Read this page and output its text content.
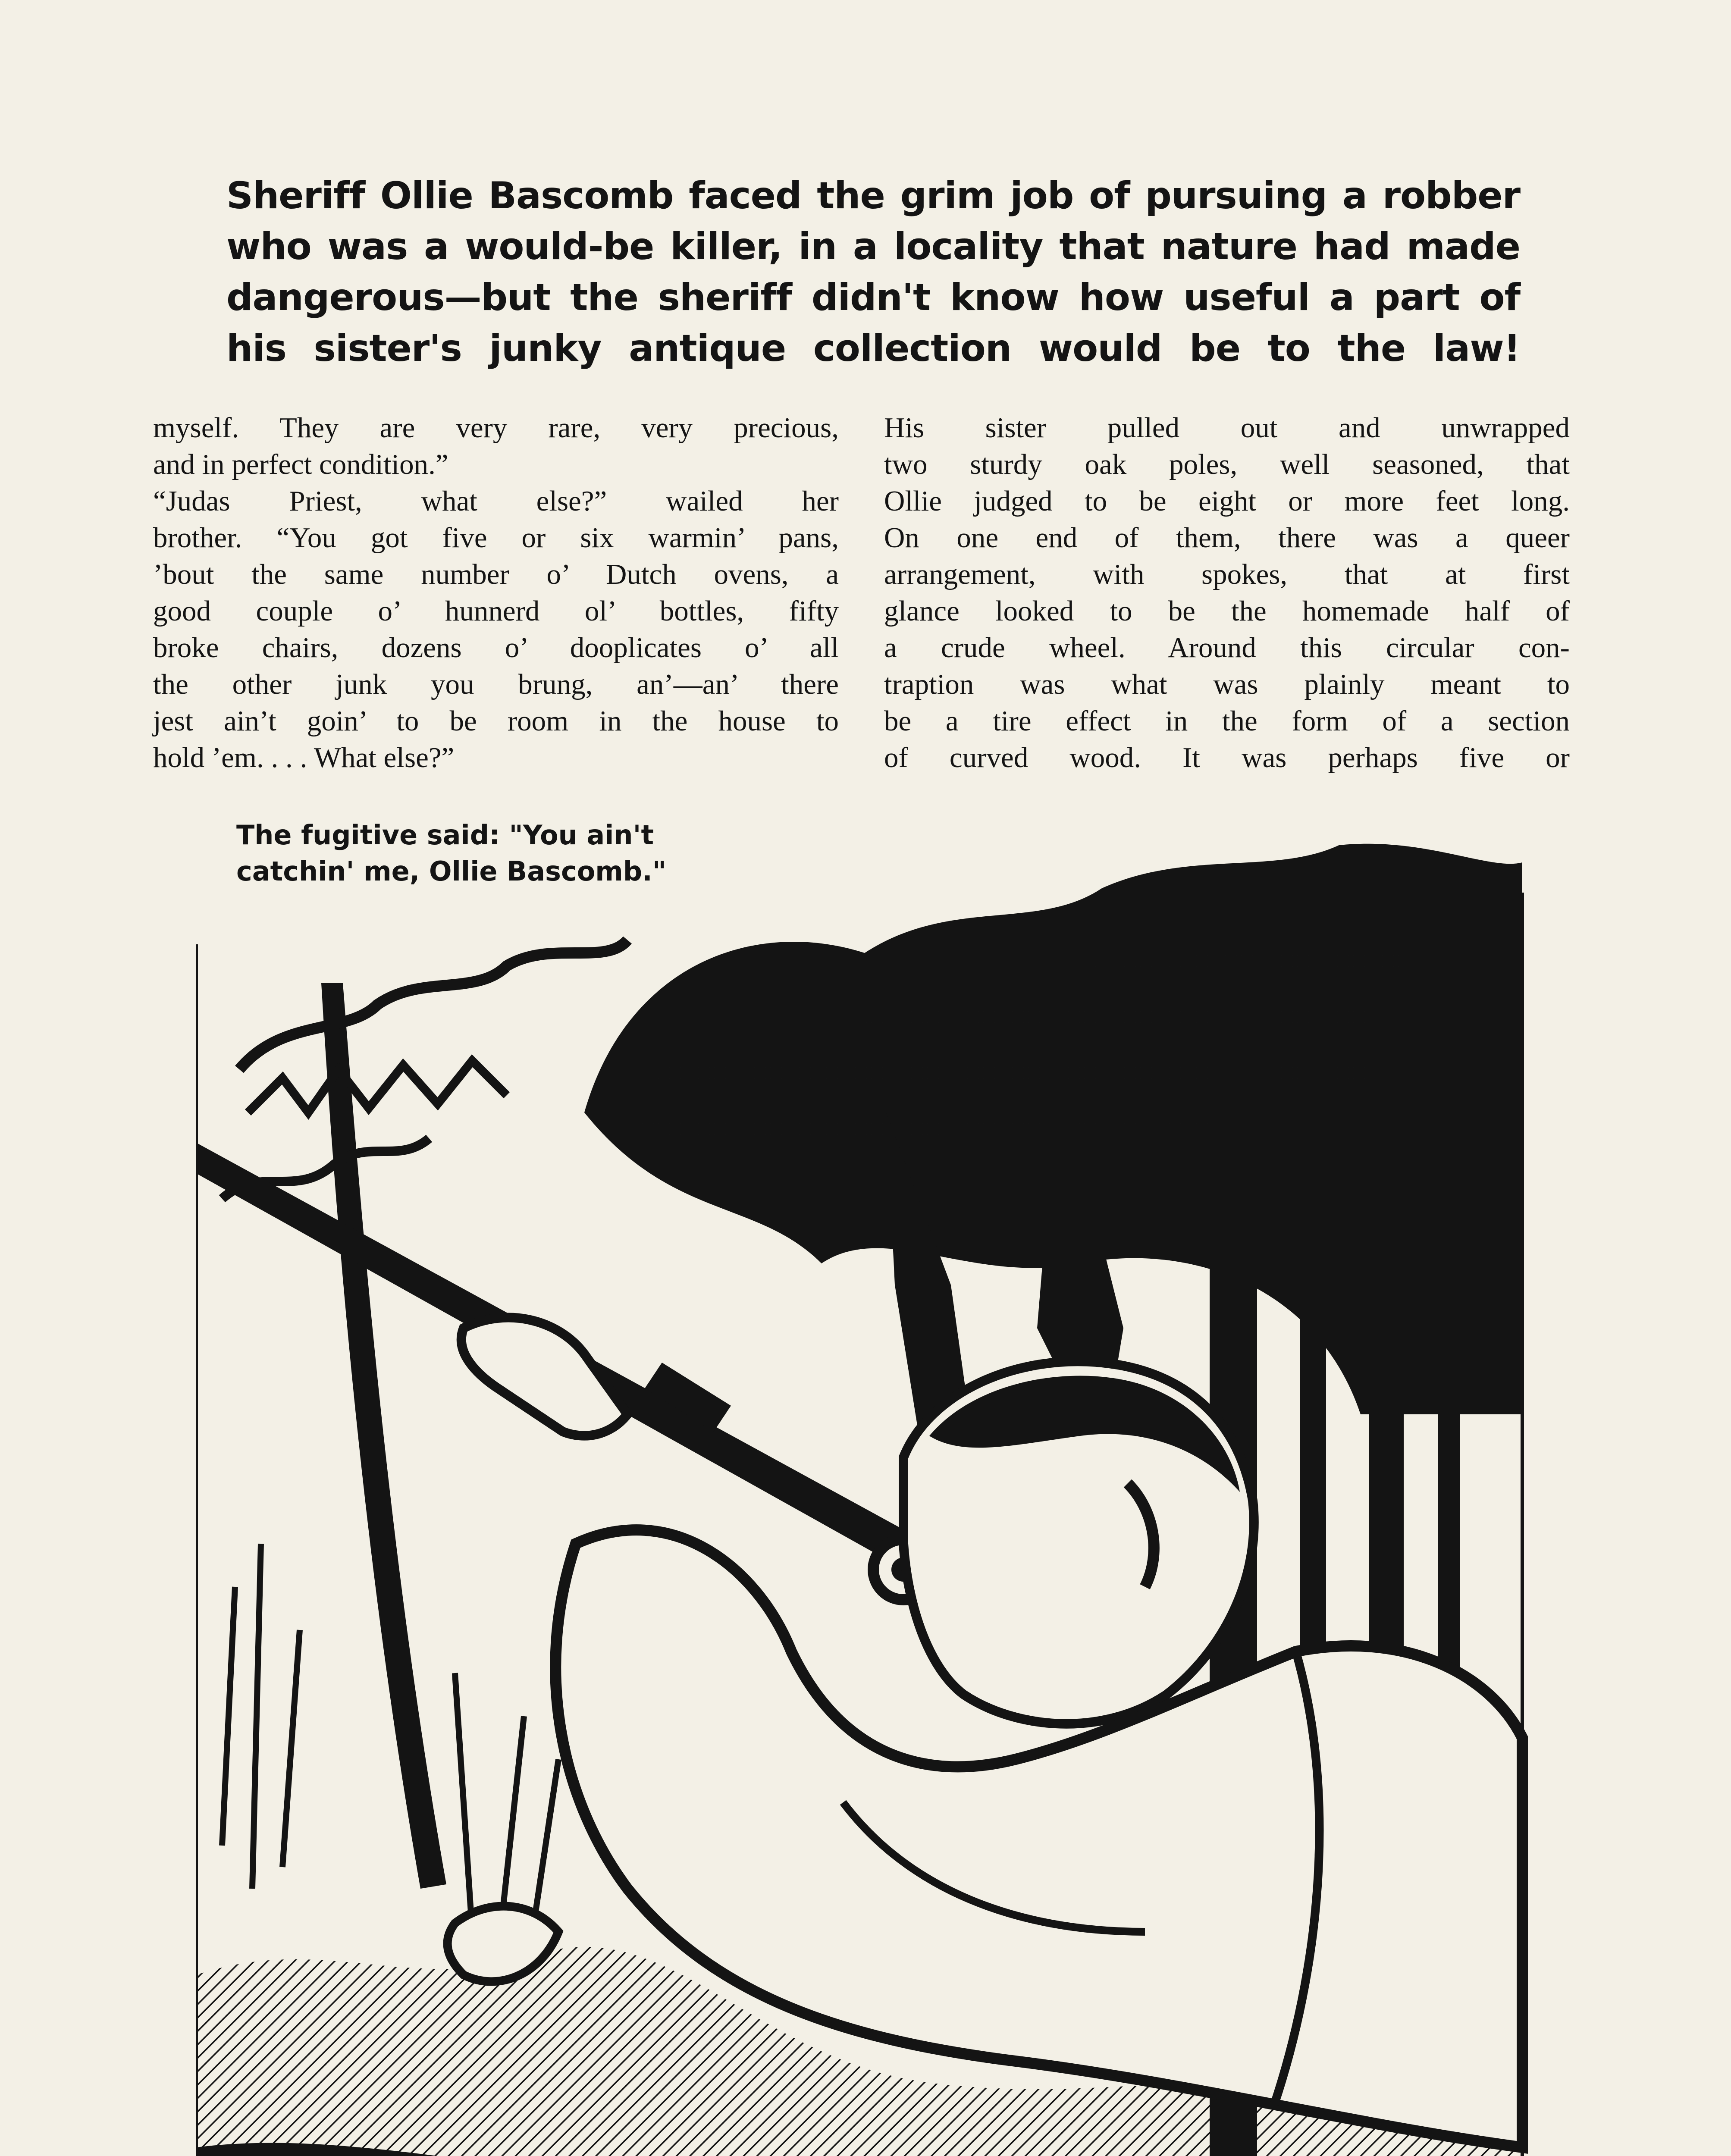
Sheriff Ollie Bascomb faced the grim job of pursuing a robber
who was a would-be killer, in a locality that nature had made
dangerous—but the sheriff didn't know how useful a part of
his sister's junky antique collection would be to the law!

myself. They are very rare, very precious,

and in perfect condition.”

“Judas Priest, what else?” wailed her

brother. “You got five or six warmin’ pans,

’bout the same number o’ Dutch ovens, a

good couple o’ hunnerd ol’ bottles, fifty

broke chairs, dozens o’ dooplicates o’ all

the other junk you brung, an’—an’ there

jest ain’t goin’ to be room in the house to

hold ’em. . . . What else?”

His sister pulled out and unwrapped

two sturdy oak poles, well seasoned, that

Ollie judged to be eight or more feet long.

On one end of them, there was a queer

arrangement, with spokes, that at first

glance looked to be the homemade half of

a crude wheel. Around this circular con-

traption was what was plainly meant to

be a tire effect in the form of a section

of curved wood. It was perhaps five or

The fugitive said: "You ain't
catchin' me, Ollie Bascomb."
